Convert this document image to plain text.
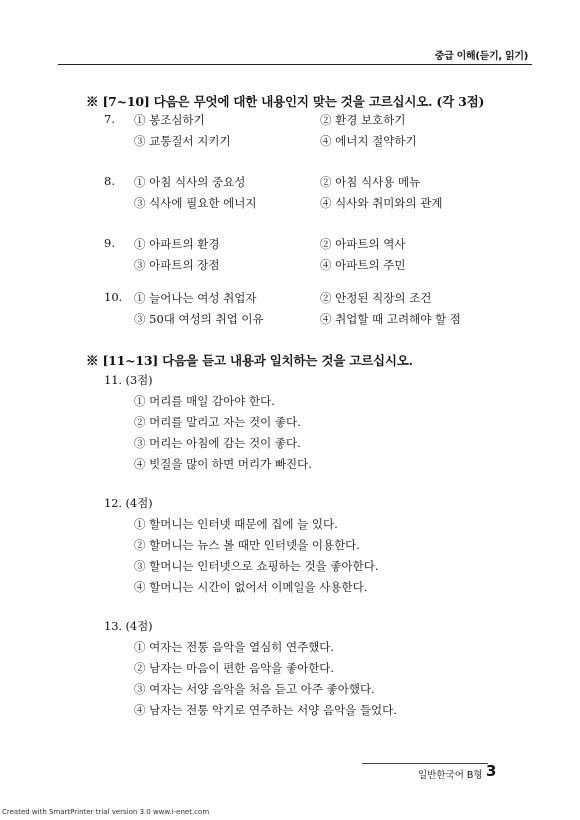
중급 이해(듣기, 읽기)
※ [7~10] 다음은 무엇에 대한 내용인지 맞는 것을 고르십시오. (각 3점)
7. ① 봉조심하기	② 환경 보호하기
③ 교통질서 지키기	④ 에너지 절약하기
8. ① 아침 식사의 중요성	② 아침 식사용 메뉴
③ 식사에 필요한 에너지	④ 식사와 취미와의 관계
9. ① 아파트의 환경	② 아파트의 역사
③ 아파트의 장점	④ 아파트의 주민
10. ① 늘어나는 여성 취업자	② 안정된 직장의 조건
③ 50대 여성의 취업 이유	④ 취업할 때 고려해야 할 점
※ [11~13] 다음을 듣고 내용과 일치하는 것을 고르십시오.
11. (3점)
① 머리를 매일 감아야 한다.
② 머리를 말리고 자는 것이 좋다.
③ 머리는 아침에 감는 것이 좋다.
④ 빗질을 많이 하면 머리가 빠진다.
12. (4점)
① 할머니는 인터넷 때문에 집에 늘 있다.
② 할머니는 뉴스 볼 때만 인터넷을 이용한다.
③ 할머니는 인터넷으로 쇼핑하는 것을 좋아한다.
④ 할머니는 시간이 없어서 이메일을 사용한다.
13. (4점)
① 여자는 전통 음악을 열심히 연주했다.
② 남자는 마음이 편한 음악을 좋아한다.
③ 여자는 서양 음악을 처음 듣고 아주 좋아했다.
④ 남자는 전통 악기로 연주하는 서양 음악을 들었다.
일반한국어 B형 3
Created with SmartPrinter trial version 3.0 www.i-enet.com
